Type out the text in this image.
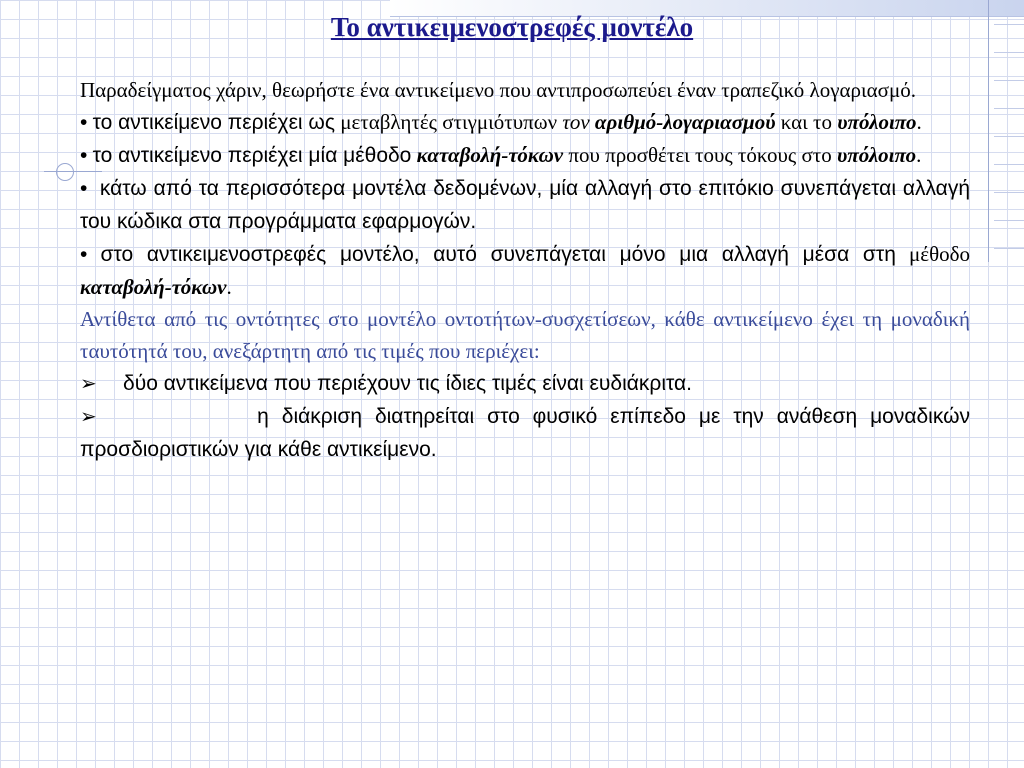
Το αντικειμενοστρεφές μοντέλο

Παραδείγματος χάριν, θεωρήστε ένα αντικείμενο που αντιπροσωπεύει έναν τραπεζικό λογαριασμό.

• το αντικείμενο περιέχει ως μεταβλητές στιγμιότυπων τον αριθμό-λογαριασμού και το υπόλοιπο.

• το αντικείμενο περιέχει μία μέθοδο καταβολή-τόκων που προσθέτει τους τόκους στο υπόλοιπο.

• κάτω από τα περισσότερα μοντέλα δεδομένων, μία αλλαγή στο επιτόκιο συνεπάγεται αλλαγή του κώδικα στα προγράμματα εφαρμογών.

• στο αντικειμενοστρεφές μοντέλο, αυτό συνεπάγεται μόνο μια αλλαγή μέσα στη μέθοδο καταβολή-τόκων.

Αντίθετα από τις οντότητες στο μοντέλο οντοτήτων-συσχετίσεων, κάθε αντικείμενο έχει τη μοναδική ταυτότητά του, ανεξάρτητη από τις τιμές που περιέχει:

➢ δύο αντικείμενα που περιέχουν τις ίδιες τιμές είναι ευδιάκριτα.

➢	η διάκριση διατηρείται στο φυσικό επίπεδο με την ανάθεση μοναδικών προσδιοριστικών για κάθε αντικείμενο.
